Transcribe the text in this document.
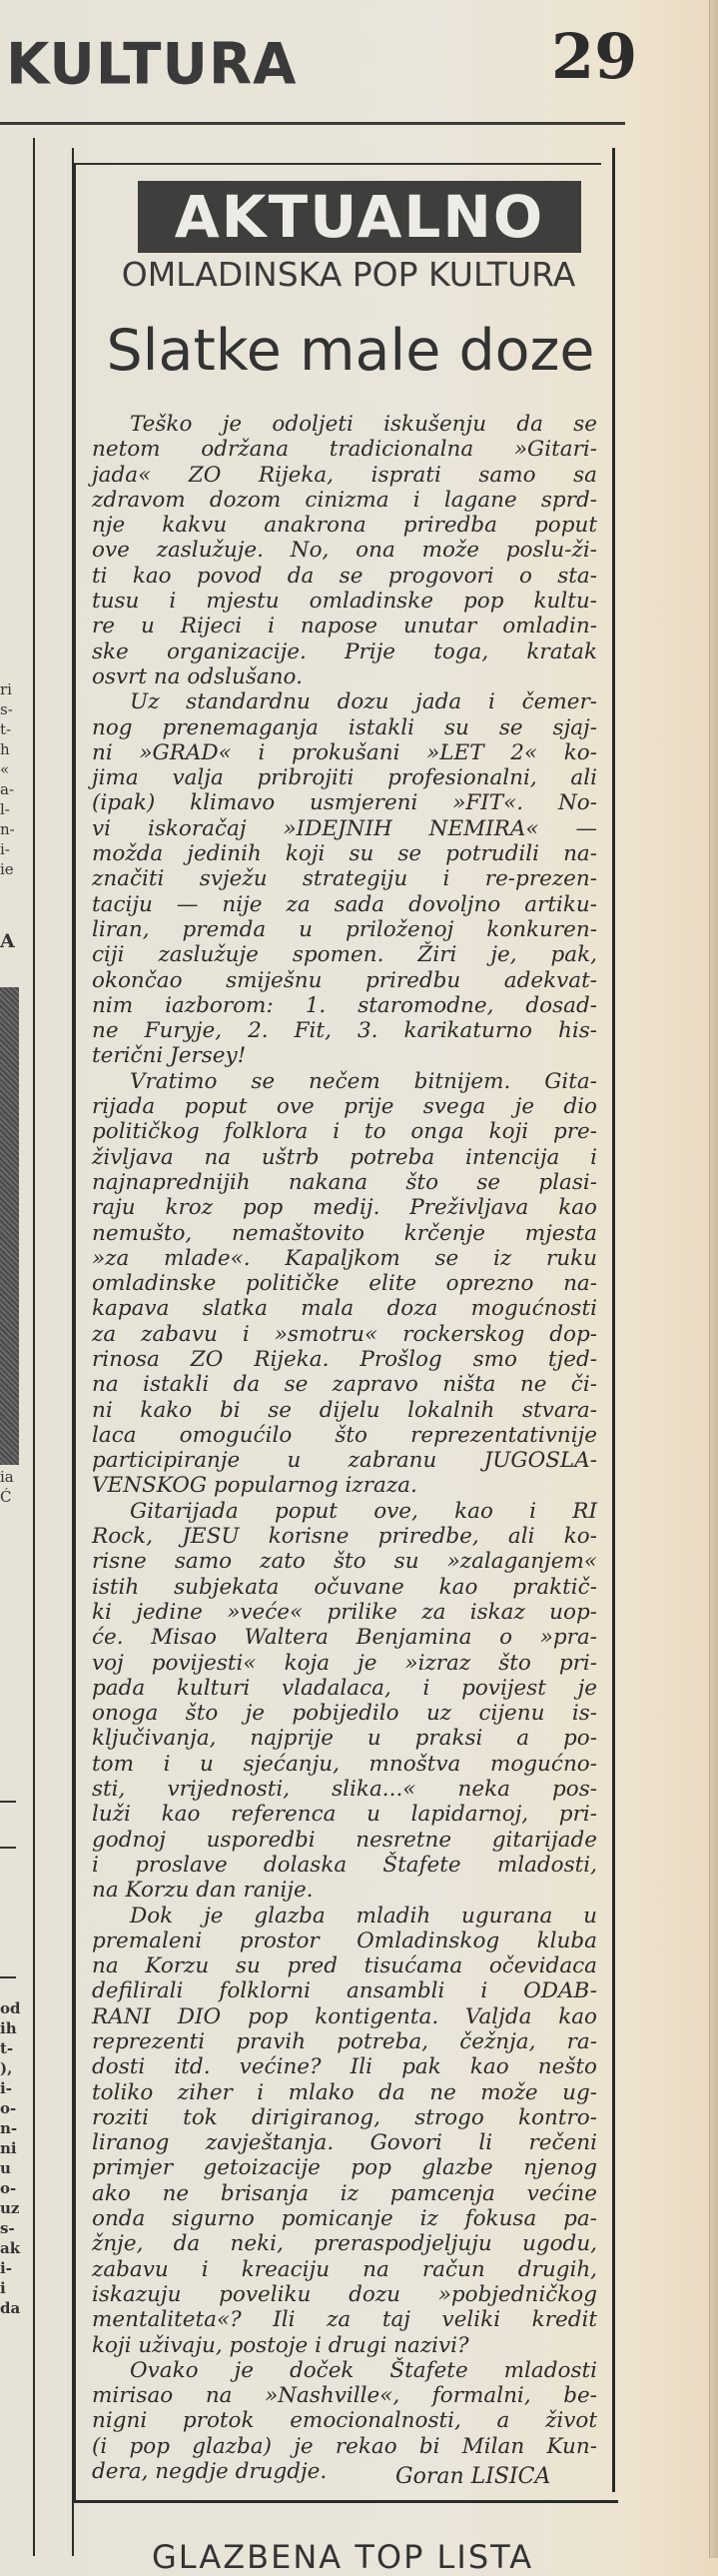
KULTURA	29
ri
s-
t-
h
«
a-
l-
n-
i-
ie
A
ia
Ć
od
ih
t-
),
i-
o-
n-
ni
u
o-
uz
s-
ak
i-
i
da
AKTUALNO
OMLADINSKA POP KULTURA
Slatke male doze
Teško je odoljeti iskušenju da se
netom održana tradicionalna »Gitari-
jada« ZO Rijeka, isprati samo sa
zdravom dozom cinizma i lagane sprd-
nje kakvu anakrona priredba poput
ove zaslužuje. No, ona može poslu-ži-
ti kao povod da se progovori o sta-
tusu i mjestu omladinske pop kultu-
re u Rijeci i napose unutar omladin-
ske organizacije. Prije toga, kratak
osvrt na odslušano.
Uz standardnu dozu jada i čemer-
nog prenemaganja istakli su se sjaj-
ni »GRAD« i prokušani »LET 2« ko-
jima valja pribrojiti profesionalni, ali
(ipak) klimavo usmjereni »FIT«. No-
vi iskoračaj »IDEJNIH NEMIRA« —
možda jedinih koji su se potrudili na-
značiti svježu strategiju i re-prezen-
taciju — nije za sada dovoljno artiku-
liran, premda u priloženoj konkuren-
ciji zaslužuje spomen. Žiri je, pak,
okončao smiješnu priredbu adekvat-
nim iazborom: 1. staromodne, dosad-
ne Furyje, 2. Fit, 3. karikaturno his-
terični Jersey!
Vratimo se nečem bitnijem. Gita-
rijada poput ove prije svega je dio
političkog folklora i to onga koji pre-
življava na uštrb potreba intencija i
najnaprednijih nakana što se plasi-
raju kroz pop medij. Preživljava kao
nemušto, nemaštovito krčenje mjesta
»za mlade«. Kapaljkom se iz ruku
omladinske političke elite oprezno na-
kapava slatka mala doza mogućnosti
za zabavu i »smotru« rockerskog dop-
rinosa ZO Rijeka. Prošlog smo tjed-
na istakli da se zapravo ništa ne či-
ni kako bi se dijelu lokalnih stvara-
laca omogućilo što reprezentativnije
participiranje u zabranu JUGOSLA-
VENSKOG popularnog izraza.
Gitarijada poput ove, kao i RI
Rock, JESU korisne priredbe, ali ko-
risne samo zato što su »zalaganjem«
istih subjekata očuvane kao praktič-
ki jedine »veće« prilike za iskaz uop-
će. Misao Waltera Benjamina o »pra-
voj povijesti« koja je »izraz što pri-
pada kulturi vladalaca, i povijest je
onoga što je pobijedilo uz cijenu is-
ključivanja, najprije u praksi a po-
tom i u sjećanju, mnoštva mogućno-
sti, vrijednosti, slika...« neka pos-
luži kao referenca u lapidarnoj, pri-
godnoj usporedbi nesretne gitarijade
i proslave dolaska Štafete mladosti,
na Korzu dan ranije.
Dok je glazba mladih ugurana u
premaleni prostor Omladinskog kluba
na Korzu su pred tisućama očevidaca
defilirali folklorni ansambli i ODAB-
RANI DIO pop kontigenta. Valjda kao
reprezenti pravih potreba, čežnja, ra-
dosti itd. većine? Ili pak kao nešto
toliko ziher i mlako da ne može ug-
roziti tok dirigiranog, strogo kontro-
liranog zavještanja. Govori li rečeni
primjer getoizacije pop glazbe njenog
ako ne brisanja iz pamcenja većine
onda sigurno pomicanje iz fokusa pa-
žnje, da neki, preraspodjeljuju ugodu,
zabavu i kreaciju na račun drugih,
iskazuju poveliku dozu »pobjedničkog
mentaliteta«? Ili za taj veliki kredit
koji uživaju, postoje i drugi nazivi?
Ovako je doček Štafete mladosti
mirisao na »Nashville«, formalni, be-
nigni protok emocionalnosti, a život
(i pop glazba) je rekao bi Milan Kun-
dera, negdje drugdje.	Goran LISICA
GLAZBENA TOP LISTA
